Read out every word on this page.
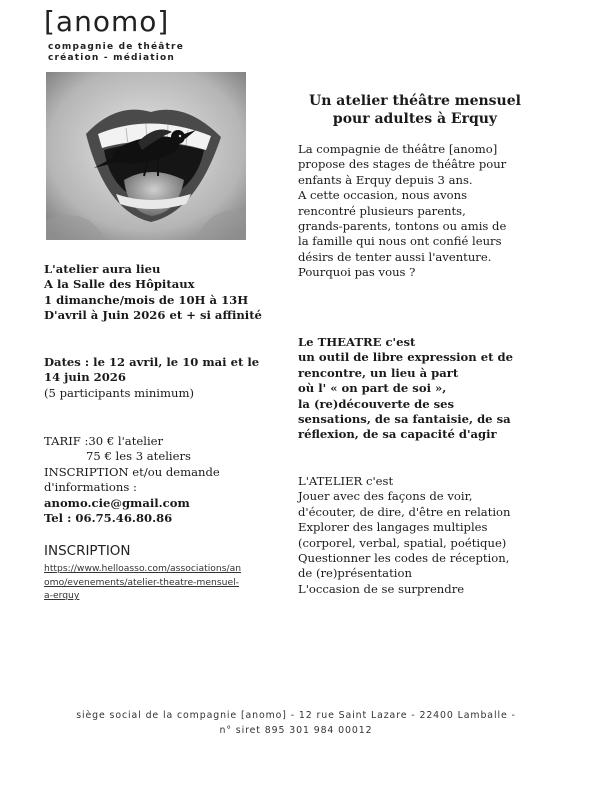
[anomo]
compagnie de théâtre
création - médiation
Un atelier théâtre mensuel
pour adultes à Erquy
La compagnie de théâtre [anomo]
propose des stages de théâtre pour
enfants à Erquy depuis 3 ans.
A cette occasion, nous avons
rencontré plusieurs parents,
grands-parents, tontons ou amis de
la famille qui nous ont confié leurs
désirs de tenter aussi l'aventure.
Pourquoi pas vous ?
Le THEATRE c'est
un outil de libre expression et de
rencontre, un lieu à part
où l' « on part de soi »,
la (re)découverte de ses
sensations, de sa fantaisie, de sa
réflexion, de sa capacité d'agir
L'ATELIER c'est
Jouer avec des façons de voir,
d'écouter, de dire, d'être en relation
Explorer des langages multiples
(corporel, verbal, spatial, poétique)
Questionner les codes de réception,
de (re)présentation
L'occasion de se surprendre
L'atelier aura lieu
A la Salle des Hôpitaux
1 dimanche/mois de 10H à 13H
D'avril à Juin 2026 et + si affinité
Dates : le 12 avril, le 10 mai et le
14 juin 2026
(5 participants minimum)
TARIF :30 € l'atelier
75 € les 3 ateliers
INSCRIPTION et/ou demande
d'informations :
anomo.cie@gmail.com
Tel : 06.75.46.80.86
INSCRIPTION
https://www.helloasso.com/associations/an
omo/evenements/atelier-theatre-mensuel-
a-erquy
siège social de la compagnie [anomo] - 12 rue Saint Lazare - 22400 Lamballe -
n° siret 895 301 984 00012
